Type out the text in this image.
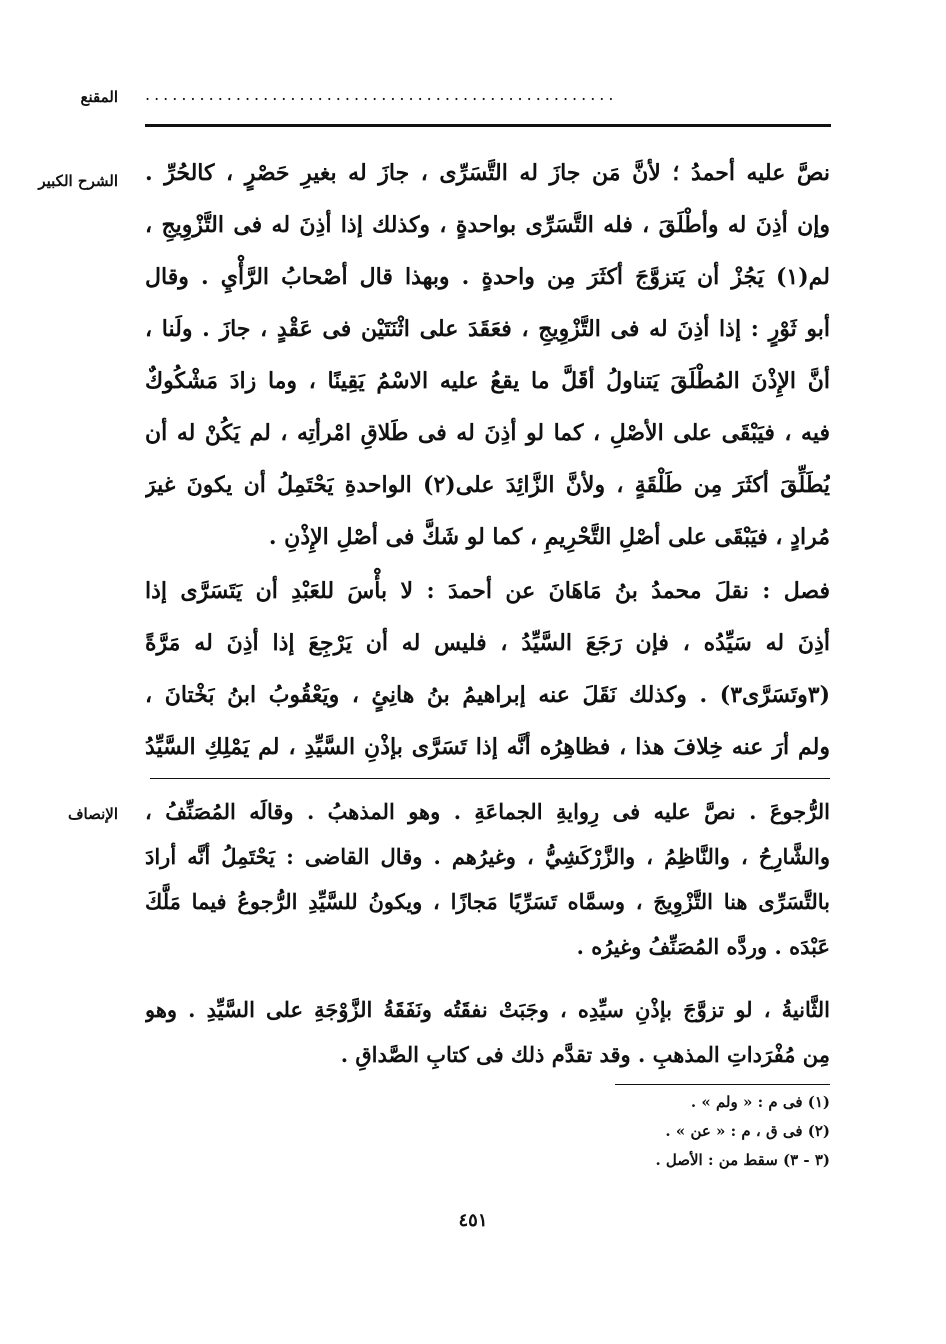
المقنع ....................................................
الشرح الكبير نصَّ عليه أحمدُ ؛ لأنَّ مَن جازَ له التَّسَرِّى ، جازَ له بغيرِ حَصْرٍ ، كالحُرِّ .
وإن أذِنَ له وأطْلَقَ ، فله التَّسَرِّى بواحدةٍ ، وكذلك إذا أذِنَ له فى التَّزْوِيجِ ،
لم(١) يَجُزْ أن يَتزوَّجَ أكثَرَ مِن واحدةٍ . وبهذا قال أصْحابُ الرَّأْيِ . وقال
أبو ثَوْرٍ : إذا أذِنَ له فى التَّزْوِيجِ ، فعَقَدَ على اثْنَتَيْن فى عَقْدٍ ، جازَ . ولَنا ،
أنَّ الإِذْنَ المُطْلَقَ يَتناولُ أقَلَّ ما يقعُ عليه الاسْمُ يَقِينًا ، وما زادَ مَشْكُوكٌ
فيه ، فيَبْقَى على الأصْلِ ، كما لو أذِنَ له فى طَلاقِ امْرأتِه ، لم يَكُنْ له أن
يُطَلِّقَ أكثَرَ مِن طَلْقَةٍ ، ولأنَّ الزَّائِدَ على(٢) الواحدةِ يَحْتَمِلُ أن يكونَ غيرَ
مُرادٍ ، فيَبْقَى على أصْلِ التَّحْرِيمِ ، كما لو شَكَّ فى أصْلِ الإِذْنِ .
فصل : نقلَ محمدُ بنُ مَاهَانَ عن أحمدَ : لا بأْسَ للعَبْدِ أن يَتَسَرَّى إذا
أذِنَ له سَيِّدُه ، فإن رَجَعَ السَّيِّدُ ، فليس له أن يَرْجِعَ إذا أذِنَ له مَرَّةً
(٣وتَسَرَّى٣) . وكذلك نَقَلَ عنه إبراهيمُ بنُ هانِئٍ ، ويَعْقُوبُ ابنُ بَخْتانَ ،
ولم أرَ عنه خِلافَ هذا ، فظاهِرُه أنَّه إذا تَسَرَّى بإذْنِ السَّيِّدِ ، لم يَمْلِكِ السَّيِّدُ
الإنصاف الرُّجوعَ . نصَّ عليه فى رِوايةِ الجماعَةِ . وهو المذهبُ . وقالَه المُصَنِّفُ ،
والشَّارِحُ ، والنَّاظِمُ ، والزَّرْكَشِيُّ ، وغيرُهم . وقال القاضى : يَحْتَمِلُ أنَّه أرادَ
بالتَّسَرِّى هنا التَّزْوِيجَ ، وسمَّاه تَسَرِّيًا مَجازًا ، ويكونُ للسَّيِّدِ الرُّجوعُ فيما مَلَّكَ
عَبْدَه . وردَّه المُصَنِّفُ وغيرُه .
الثَّانيةُ ، لو تزوَّجَ بإذْنِ سيِّدِه ، وجَبَتْ نفقَتُه ونَفَقَةُ الزَّوْجَةِ على السَّيِّدِ . وهو
مِن مُفْرَداتِ المذهبِ . وقد تقدَّم ذلك فى كتابِ الصَّداقِ .
(١) فى م : « ولم » .
(٢) فى ق ، م : « عن » .
(٣ - ٣) سقط من : الأصل .
٤٥١
